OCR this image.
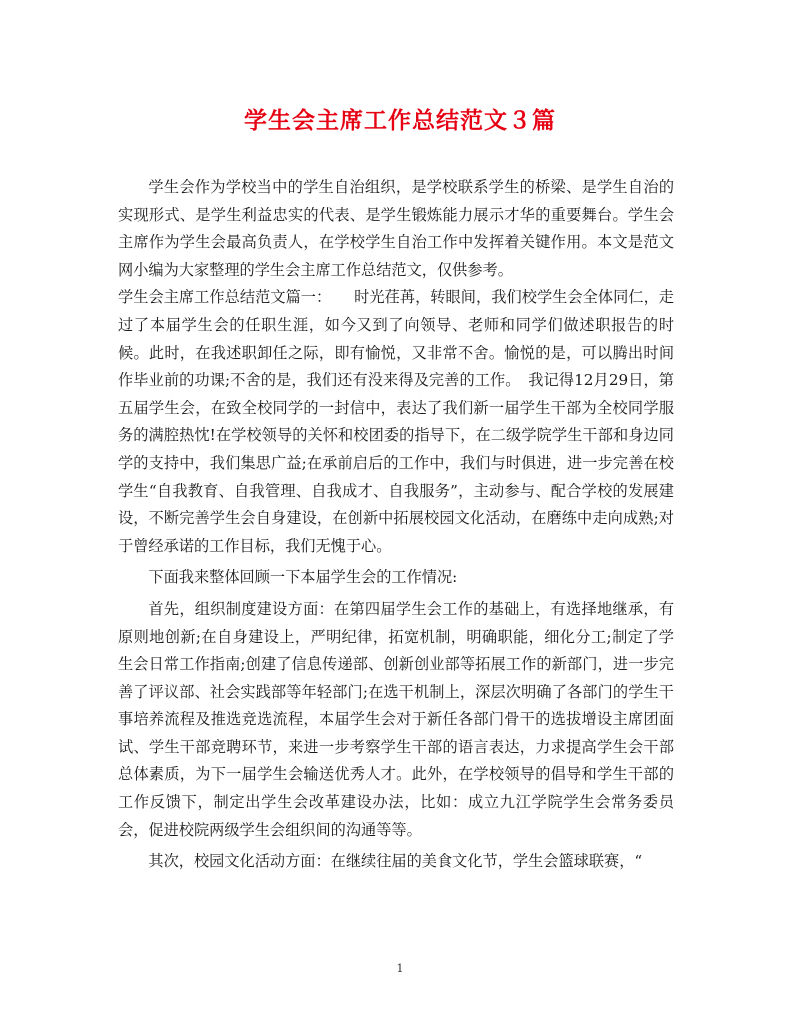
学生会主席工作总结范文３篇

学生会作为学校当中的学生自治组织，是学校联系学生的桥梁、是学生自治的实现形式、是学生利益忠实的代表、是学生锻炼能力展示才华的重要舞台。学生会主席作为学生会最高负责人，在学校学生自治工作中发挥着关键作用。本文是范文网小编为大家整理的学生会主席工作总结范文，仅供参考。

学生会主席工作总结范文篇一：　　时光荏苒，转眼间，我们校学生会全体同仁，走过了本届学生会的任职生涯，如今又到了向领导、老师和同学们做述职报告的时候。此时，在我述职卸任之际，即有愉悦，又非常不舍。愉悦的是，可以腾出时间作毕业前的功课;不舍的是，我们还有没来得及完善的工作。　我记得12月29日，第五届学生会，在致全校同学的一封信中，表达了我们新一届学生干部为全校同学服务的满腔热忱!在学校领导的关怀和校团委的指导下，在二级学院学生干部和身边同学的支持中，我们集思广益;在承前启后的工作中，我们与时俱进，进一步完善在校学生“自我教育、自我管理、自我成才、自我服务”，主动参与、配合学校的发展建设，不断完善学生会自身建设，在创新中拓展校园文化活动，在磨练中走向成熟;对于曾经承诺的工作目标，我们无愧于心。

下面我来整体回顾一下本届学生会的工作情况:

首先，组织制度建设方面：在第四届学生会工作的基础上，有选择地继承，有原则地创新;在自身建设上，严明纪律，拓宽机制，明确职能，细化分工;制定了学生会日常工作指南;创建了信息传递部、创新创业部等拓展工作的新部门，进一步完善了评议部、社会实践部等年轻部门;在选干机制上，深层次明确了各部门的学生干事培养流程及推选竞选流程，本届学生会对于新任各部门骨干的选拔增设主席团面试、学生干部竞聘环节，来进一步考察学生干部的语言表达，力求提高学生会干部总体素质，为下一届学生会输送优秀人才。此外，在学校领导的倡导和学生干部的工作反馈下，制定出学生会改革建设办法，比如：成立九江学院学生会常务委员会，促进校院两级学生会组织间的沟通等等。

其次，校园文化活动方面：在继续往届的美食文化节，学生会篮球联赛，“

1
